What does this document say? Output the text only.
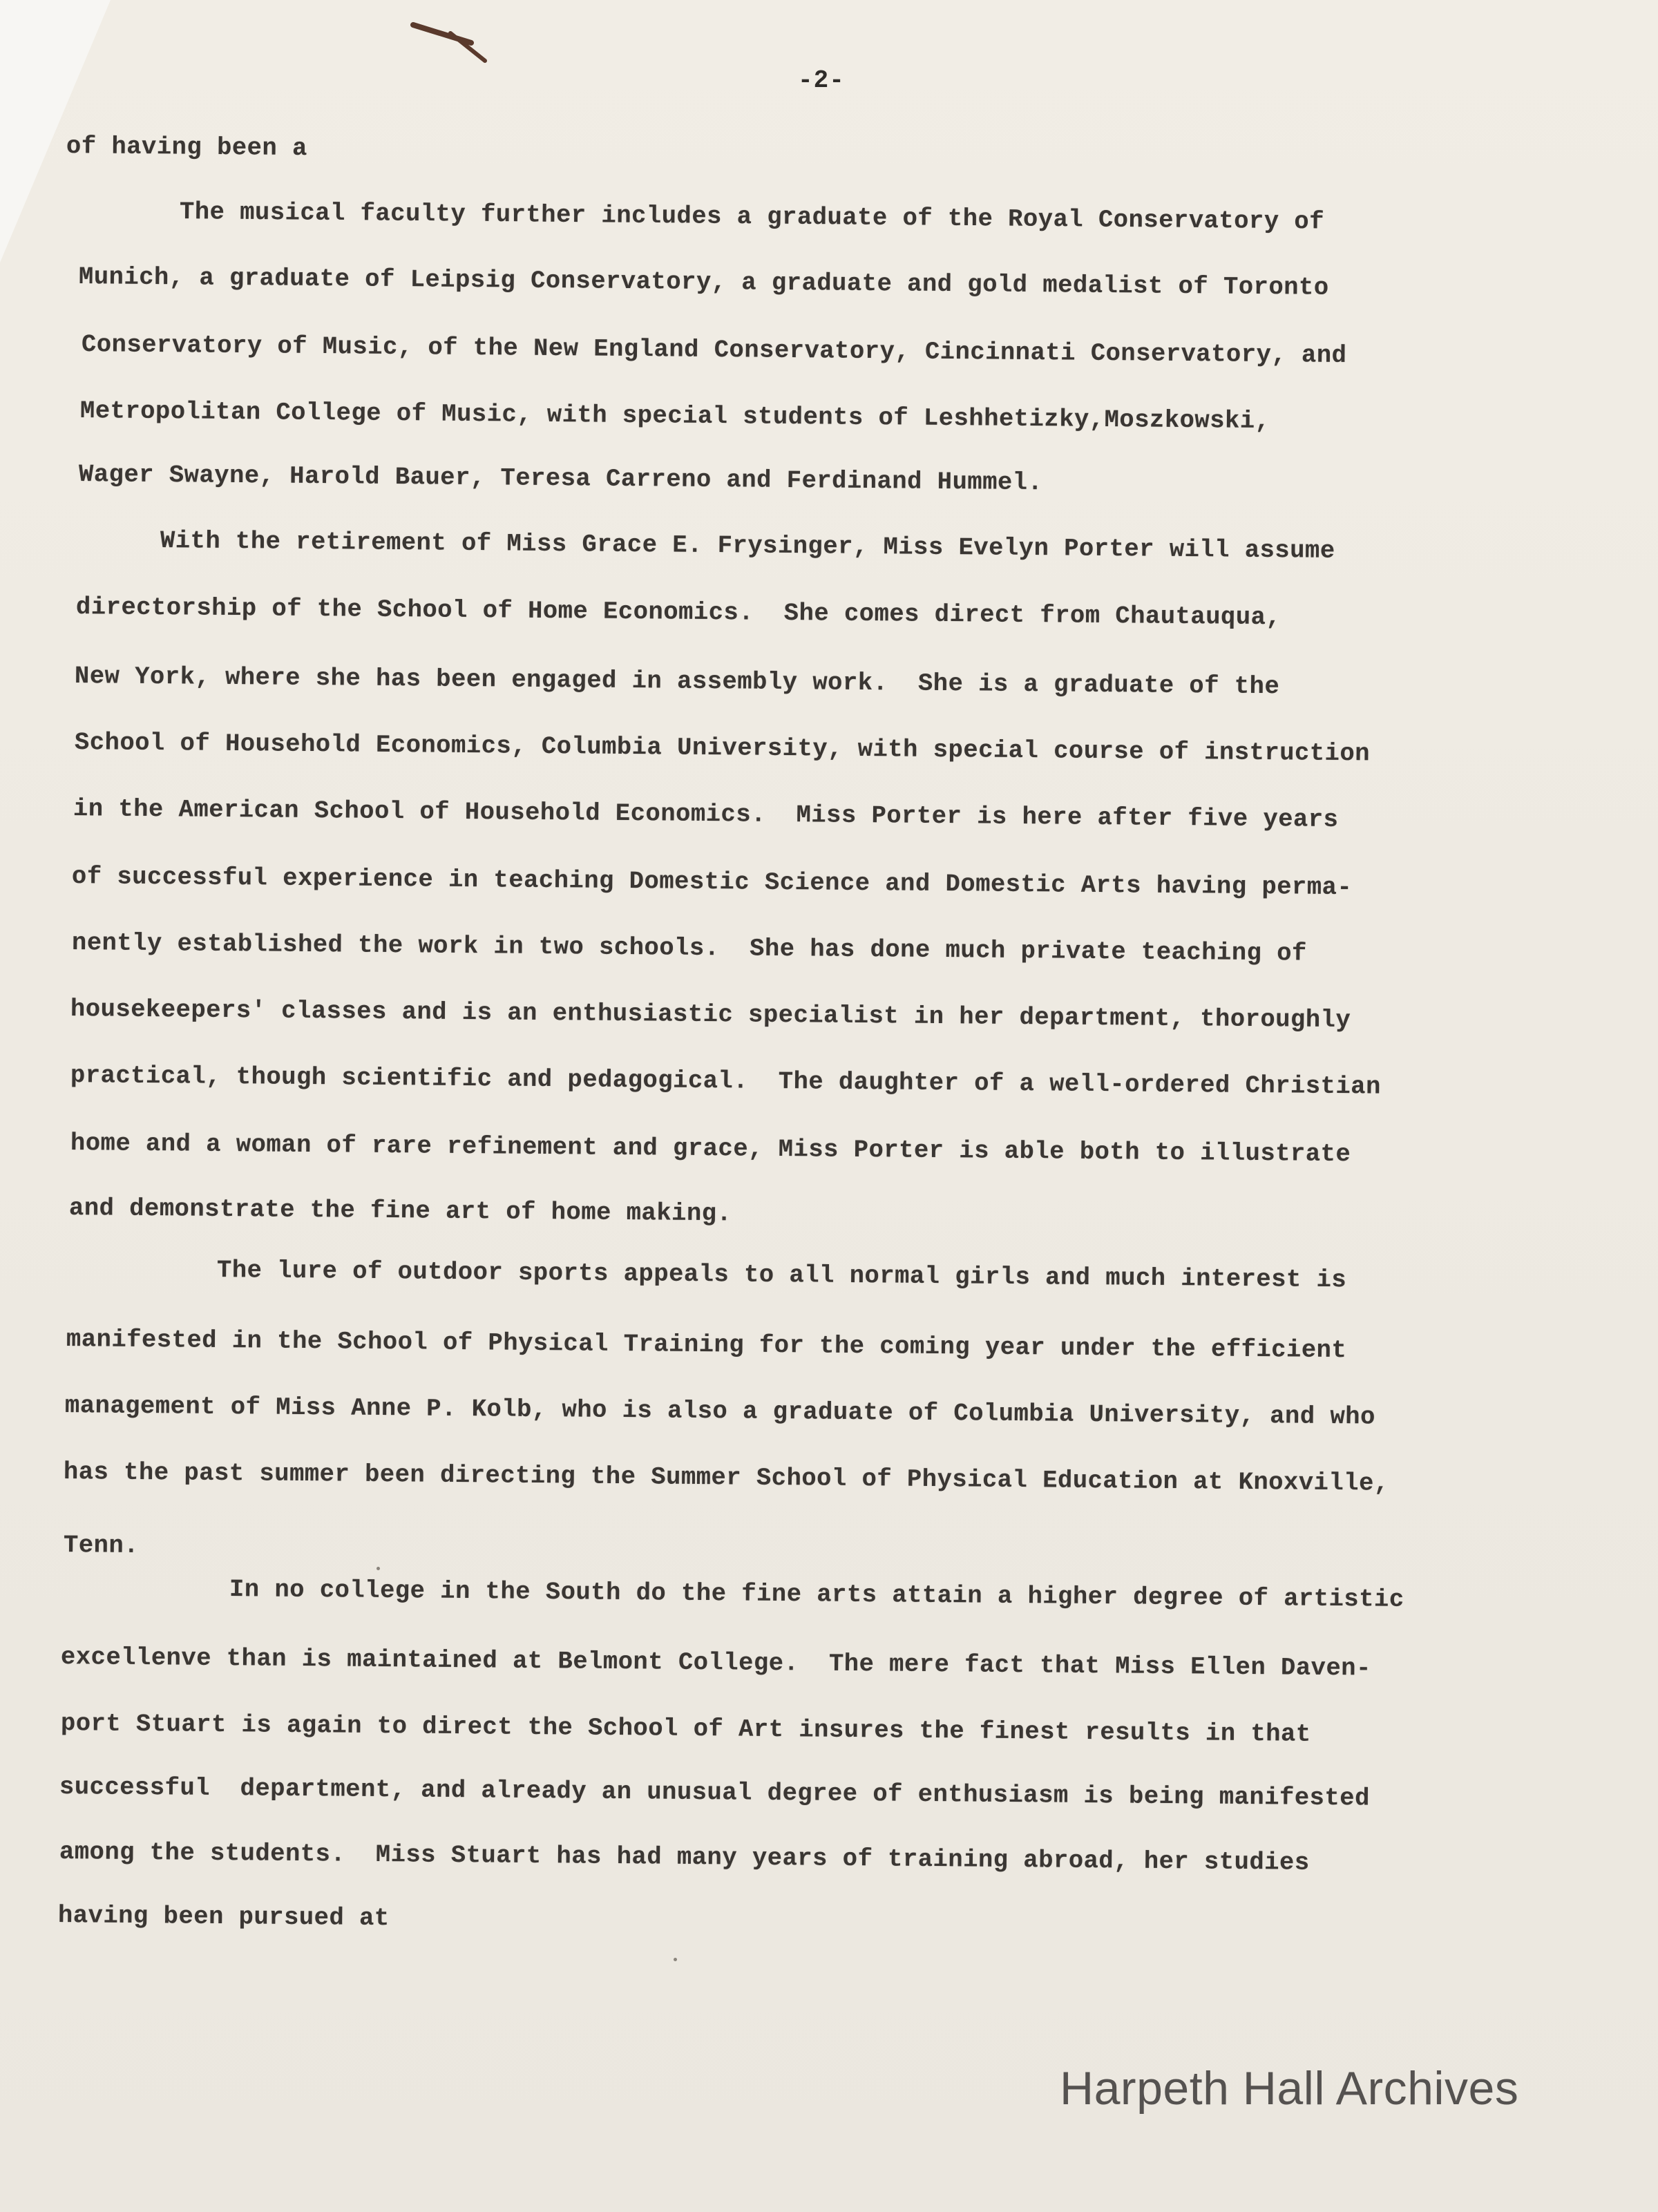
-2-

of having been a

The musical faculty further includes a graduate of the Royal Conservatory of

Munich, a graduate of Leipsig Conservatory, a graduate and gold medalist of Toronto

Conservatory of Music, of the New England Conservatory, Cincinnati Conservatory, and

Metropolitan College of Music, with special students of Leshhetizky,Moszkowski,

Wager Swayne, Harold Bauer, Teresa Carreno and Ferdinand Hummel.

With the retirement of Miss Grace E. Frysinger, Miss Evelyn Porter will assume

directorship of the School of Home Economics.  She comes direct from Chautauqua,

New York, where she has been engaged in assembly work.  She is a graduate of the

School of Household Economics, Columbia University, with special course of instruction

in the American School of Household Economics.  Miss Porter is here after five years

of successful experience in teaching Domestic Science and Domestic Arts having perma-

nently established the work in two schools.  She has done much private teaching of

housekeepers' classes and is an enthusiastic specialist in her department, thoroughly

practical, though scientific and pedagogical.  The daughter of a well-ordered Christian

home and a woman of rare refinement and grace, Miss Porter is able both to illustrate

and demonstrate the fine art of home making.

The lure of outdoor sports appeals to all normal girls and much interest is

manifested in the School of Physical Training for the coming year under the efficient

management of Miss Anne P. Kolb, who is also a graduate of Columbia University, and who

has the past summer been directing the Summer School of Physical Education at Knoxville,

Tenn.

In no college in the South do the fine arts attain a higher degree of artistic

excellenve than is maintained at Belmont College.  The mere fact that Miss Ellen Daven-

port Stuart is again to direct the School of Art insures the finest results in that

successful  department, and already an unusual degree of enthusiasm is being manifested

among the students.  Miss Stuart has had many years of training abroad, her studies

having been pursued at

Harpeth Hall Archives
